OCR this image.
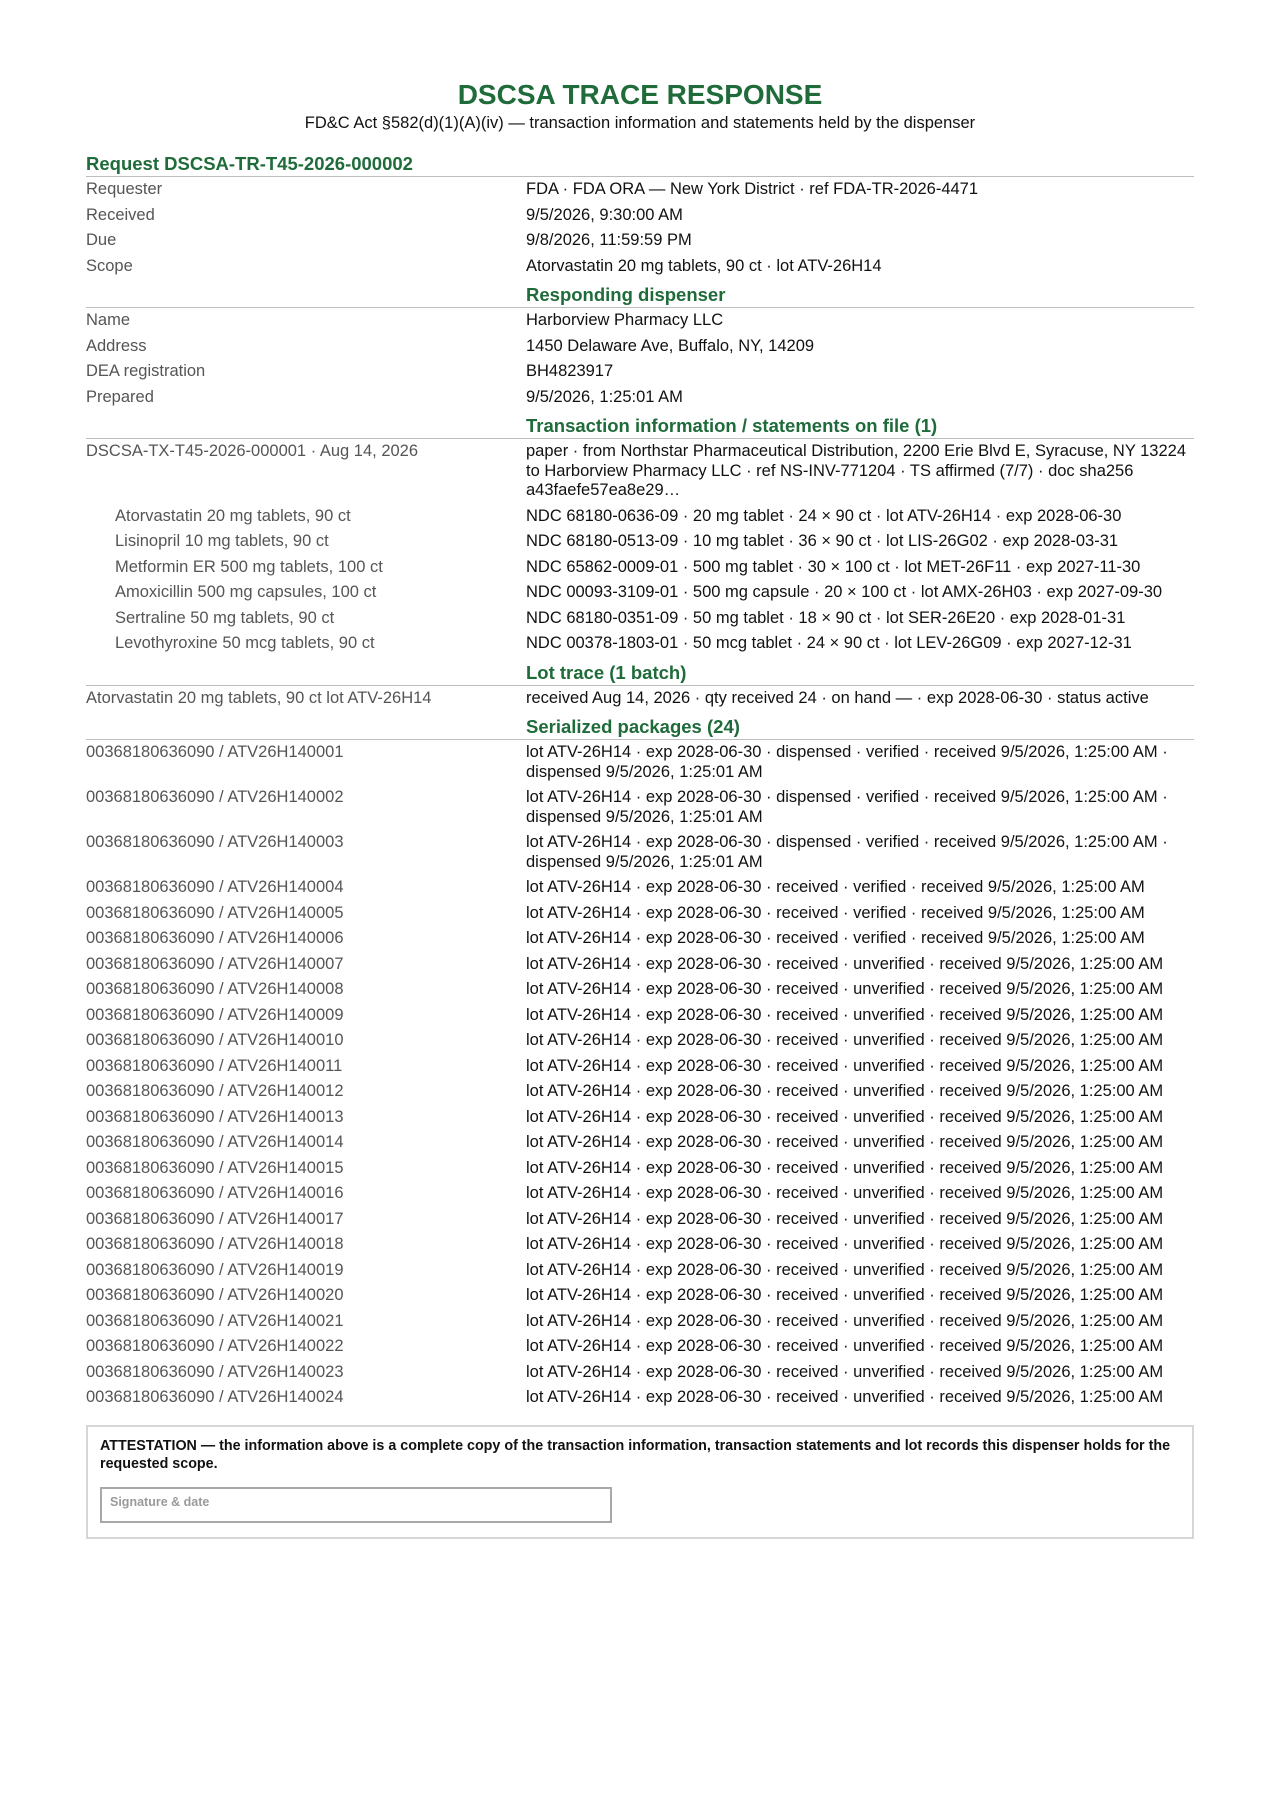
DSCSA TRACE RESPONSE

FD&C Act §582(d)(1)(A)(iv) — transaction information and statements held by the dispenser

Request DSCSA-TR-T45-2026-000002
Requester	FDA · FDA ORA — New York District · ref FDA-TR-2026-4471
Received	9/5/2026, 9:30:00 AM
Due	9/8/2026, 11:59:59 PM
Scope	Atorvastatin 20 mg tablets, 90 ct · lot ATV-26H14
Responding dispenser
Name	Harborview Pharmacy LLC
Address	1450 Delaware Ave, Buffalo, NY, 14209
DEA registration	BH4823917
Prepared	9/5/2026, 1:25:01 AM
Transaction information / statements on file (1)
DSCSA-TX-T45-2026-000001 · Aug 14, 2026	paper · from Northstar Pharmaceutical Distribution, 2200 Erie Blvd E, Syracuse, NY 13224 to Harborview Pharmacy LLC · ref NS-INV-771204 · TS affirmed (7/7) · doc sha256 a43faefe57ea8e29…
Atorvastatin 20 mg tablets, 90 ct	NDC 68180-0636-09 · 20 mg tablet · 24 × 90 ct · lot ATV-26H14 · exp 2028-06-30
Lisinopril 10 mg tablets, 90 ct	NDC 68180-0513-09 · 10 mg tablet · 36 × 90 ct · lot LIS-26G02 · exp 2028-03-31
Metformin ER 500 mg tablets, 100 ct	NDC 65862-0009-01 · 500 mg tablet · 30 × 100 ct · lot MET-26F11 · exp 2027-11-30
Amoxicillin 500 mg capsules, 100 ct	NDC 00093-3109-01 · 500 mg capsule · 20 × 100 ct · lot AMX-26H03 · exp 2027-09-30
Sertraline 50 mg tablets, 90 ct	NDC 68180-0351-09 · 50 mg tablet · 18 × 90 ct · lot SER-26E20 · exp 2028-01-31
Levothyroxine 50 mcg tablets, 90 ct	NDC 00378-1803-01 · 50 mcg tablet · 24 × 90 ct · lot LEV-26G09 · exp 2027-12-31
Lot trace (1 batch)
Atorvastatin 20 mg tablets, 90 ct lot ATV-26H14	received Aug 14, 2026 · qty received 24 · on hand — · exp 2028-06-30 · status active
Serialized packages (24)
00368180636090 / ATV26H140001	lot ATV-26H14 · exp 2028-06-30 · dispensed · verified · received 9/5/2026, 1:25:00 AM · dispensed 9/5/2026, 1:25:01 AM
00368180636090 / ATV26H140002	lot ATV-26H14 · exp 2028-06-30 · dispensed · verified · received 9/5/2026, 1:25:00 AM · dispensed 9/5/2026, 1:25:01 AM
00368180636090 / ATV26H140003	lot ATV-26H14 · exp 2028-06-30 · dispensed · verified · received 9/5/2026, 1:25:00 AM · dispensed 9/5/2026, 1:25:01 AM
00368180636090 / ATV26H140004	lot ATV-26H14 · exp 2028-06-30 · received · verified · received 9/5/2026, 1:25:00 AM
00368180636090 / ATV26H140005	lot ATV-26H14 · exp 2028-06-30 · received · verified · received 9/5/2026, 1:25:00 AM
00368180636090 / ATV26H140006	lot ATV-26H14 · exp 2028-06-30 · received · verified · received 9/5/2026, 1:25:00 AM
00368180636090 / ATV26H140007	lot ATV-26H14 · exp 2028-06-30 · received · unverified · received 9/5/2026, 1:25:00 AM
00368180636090 / ATV26H140008	lot ATV-26H14 · exp 2028-06-30 · received · unverified · received 9/5/2026, 1:25:00 AM
00368180636090 / ATV26H140009	lot ATV-26H14 · exp 2028-06-30 · received · unverified · received 9/5/2026, 1:25:00 AM
00368180636090 / ATV26H140010	lot ATV-26H14 · exp 2028-06-30 · received · unverified · received 9/5/2026, 1:25:00 AM
00368180636090 / ATV26H140011	lot ATV-26H14 · exp 2028-06-30 · received · unverified · received 9/5/2026, 1:25:00 AM
00368180636090 / ATV26H140012	lot ATV-26H14 · exp 2028-06-30 · received · unverified · received 9/5/2026, 1:25:00 AM
00368180636090 / ATV26H140013	lot ATV-26H14 · exp 2028-06-30 · received · unverified · received 9/5/2026, 1:25:00 AM
00368180636090 / ATV26H140014	lot ATV-26H14 · exp 2028-06-30 · received · unverified · received 9/5/2026, 1:25:00 AM
00368180636090 / ATV26H140015	lot ATV-26H14 · exp 2028-06-30 · received · unverified · received 9/5/2026, 1:25:00 AM
00368180636090 / ATV26H140016	lot ATV-26H14 · exp 2028-06-30 · received · unverified · received 9/5/2026, 1:25:00 AM
00368180636090 / ATV26H140017	lot ATV-26H14 · exp 2028-06-30 · received · unverified · received 9/5/2026, 1:25:00 AM
00368180636090 / ATV26H140018	lot ATV-26H14 · exp 2028-06-30 · received · unverified · received 9/5/2026, 1:25:00 AM
00368180636090 / ATV26H140019	lot ATV-26H14 · exp 2028-06-30 · received · unverified · received 9/5/2026, 1:25:00 AM
00368180636090 / ATV26H140020	lot ATV-26H14 · exp 2028-06-30 · received · unverified · received 9/5/2026, 1:25:00 AM
00368180636090 / ATV26H140021	lot ATV-26H14 · exp 2028-06-30 · received · unverified · received 9/5/2026, 1:25:00 AM
00368180636090 / ATV26H140022	lot ATV-26H14 · exp 2028-06-30 · received · unverified · received 9/5/2026, 1:25:00 AM
00368180636090 / ATV26H140023	lot ATV-26H14 · exp 2028-06-30 · received · unverified · received 9/5/2026, 1:25:00 AM
00368180636090 / ATV26H140024	lot ATV-26H14 · exp 2028-06-30 · received · unverified · received 9/5/2026, 1:25:00 AM
ATTESTATION — the information above is a complete copy of the transaction information, transaction statements and lot records this dispenser holds for the requested scope.
Signature & date
